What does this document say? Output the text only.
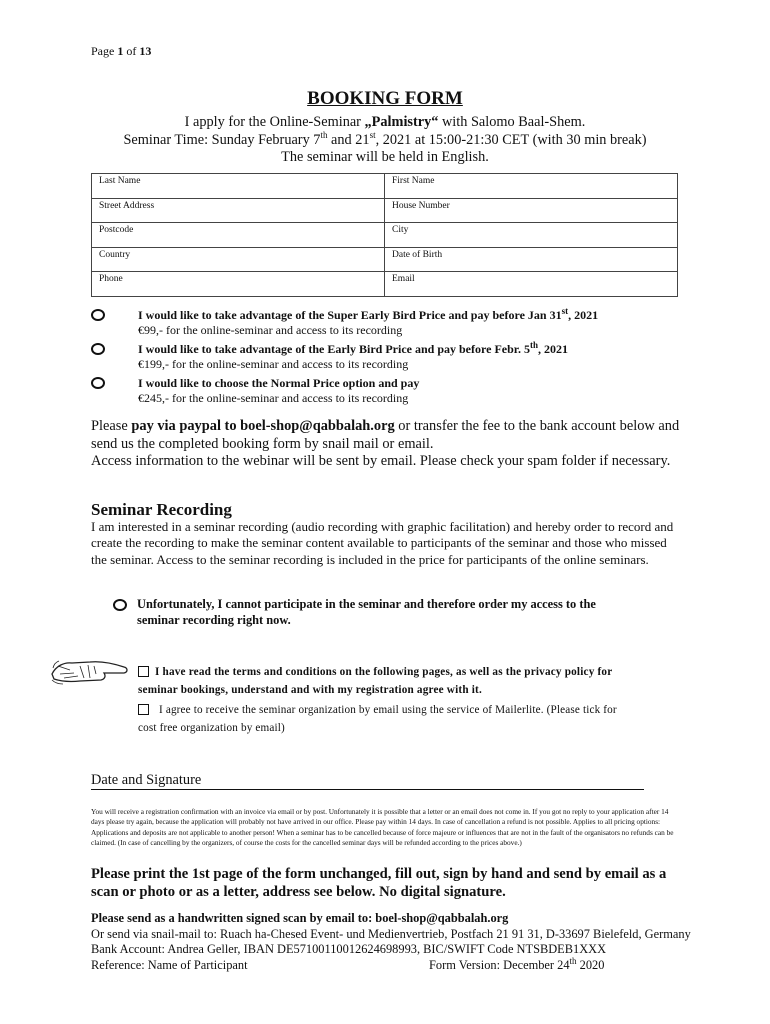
Page 1 of 13
BOOKING FORM
I apply for the Online-Seminar „Palmistry“ with Salomo Baal-Shem.
Seminar Time: Sunday February 7th and 21st, 2021 at 15:00-21:30 CET (with 30 min break)
The seminar will be held in English.
Last Name	First Name
Street Address	House Number
Postcode	City
Country	Date of Birth
Phone	Email
I would like to take advantage of the Super Early Bird Price and pay before Jan 31st, 2021
€99,- for the online-seminar and access to its recording
I would like to take advantage of the Early Bird Price and pay before Febr. 5th, 2021
€199,- for the online-seminar and access to its recording
I would like to choose the Normal Price option and pay
€245,- for the online-seminar and access to its recording
Please pay via paypal to boel-shop@qabbalah.org or transfer the fee to the bank account below and send us the completed booking form by snail mail or email.
Access information to the webinar will be sent by email. Please check your spam folder if necessary.
Seminar Recording
I am interested in a seminar recording (audio recording with graphic facilitation) and hereby order to record and create the recording to make the seminar content available to participants of the seminar and those who missed the seminar. Access to the seminar recording is included in the price for participants of the online seminars.
Unfortunately, I cannot participate in the seminar and therefore order my access to the
seminar recording right now.
I have read the terms and conditions on the following pages, as well as the privacy policy for
seminar bookings, understand and with my registration agree with it.
I agree to receive the seminar organization by email using the service of Mailerlite. (Please tick for
cost free organization by email)
Date and Signature
You will receive a registration confirmation with an invoice via email or by post. Unfortunately it is possible that a letter or an email does not come in. If you got no reply to your application after 14 days please try again, because the application will probably not have arrived in our office. Please pay within 14 days. In case of cancellation a refund is not possible. Applies to all pricing options: Applications and deposits are not applicable to another person! When a seminar has to be cancelled because of force majeure or influences that are not in the fault of the organisators no refunds can be claimed. (In case of cancelling by the organizers, of course the costs for the cancelled seminar days will be refunded according to the prices above.)
Please print the 1st page of the form unchanged, fill out, sign by hand and send by email as a scan or photo or as a letter, address see below. No digital signature.
Please send as a handwritten signed scan by email to: boel-shop@qabbalah.org
Or send via snail-mail to: Ruach ha-Chesed Event- und Medienvertrieb, Postfach 21 91 31, D-33697 Bielefeld, Germany
Bank Account: Andrea Geller, IBAN DE57100110012624698993, BIC/SWIFT Code NTSBDEB1XXX
Reference: Name of Participant	Form Version: December 24th 2020
